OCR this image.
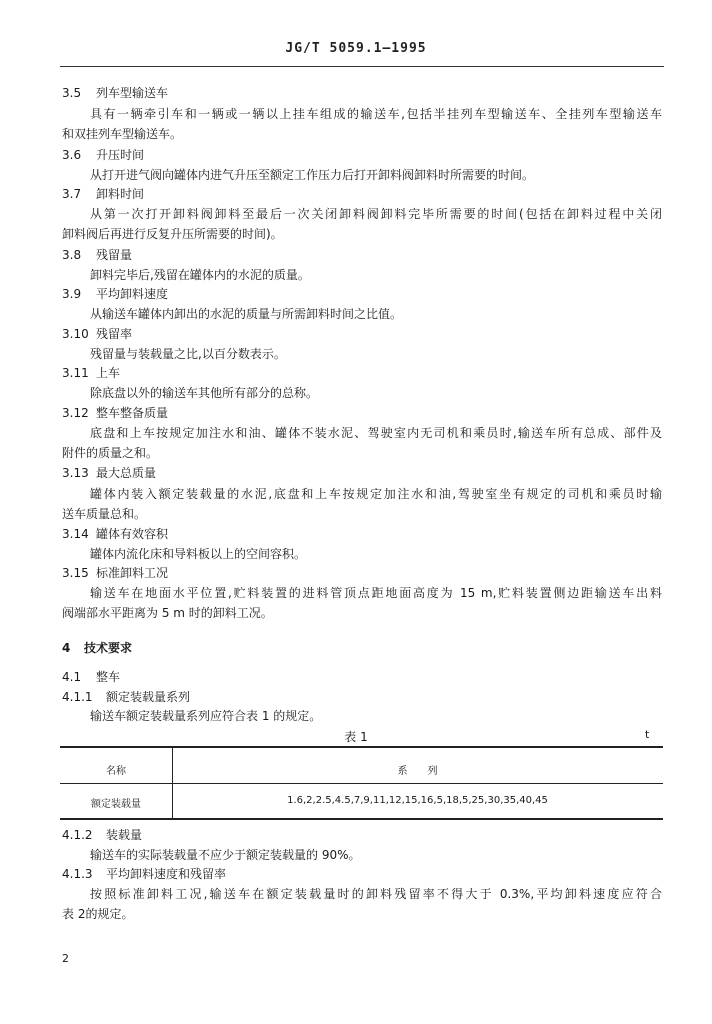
JG/T 5059.1—1995
3.5 列车型输送车
具有一辆牵引车和一辆或一辆以上挂车组成的输送车,包括半挂列车型输送车、全挂列车型输送车
和双挂列车型输送车。
3.6 升压时间
从打开进气阀向罐体内进气升压至额定工作压力后打开卸料阀卸料时所需要的时间。
3.7 卸料时间
从第一次打开卸料阀卸料至最后一次关闭卸料阀卸料完毕所需要的时间(包括在卸料过程中关闭
卸料阀后再进行反复升压所需要的时间)。
3.8 残留量
卸料完毕后,残留在罐体内的水泥的质量。
3.9 平均卸料速度
从输送车罐体内卸出的水泥的质量与所需卸料时间之比值。
3.10 残留率
残留量与装载量之比,以百分数表示。
3.11 上车
除底盘以外的输送车其他所有部分的总称。
3.12 整车整备质量
底盘和上车按规定加注水和油、罐体不装水泥、驾驶室内无司机和乘员时,输送车所有总成、部件及
附件的质量之和。
3.13 最大总质量
罐体内装入额定装载量的水泥,底盘和上车按规定加注水和油,驾驶室坐有规定的司机和乘员时输
送车质量总和。
3.14 罐体有效容积
罐体内流化床和导料板以上的空间容积。
3.15 标准卸料工况
输送车在地面水平位置,贮料装置的进料管顶点距地面高度为 15 m,贮料装置侧边距输送车出料
阀端部水平距离为 5 m 时的卸料工况。
4 技术要求
4.1 整车
4.1.1 额定装载量系列
输送车额定装载量系列应符合表 1 的规定。
表 1	t
名称	系　　列
额定装载量	1.6,2,2.5,4.5,7,9,11,12,15,16,5,18,5,25,30,35,40,45
4.1.2 装载量
输送车的实际装载量不应少于额定装载量的 90%。
4.1.3 平均卸料速度和残留率
按照标准卸料工况,输送车在额定装载量时的卸料残留率不得大于 0.3%,平均卸料速度应符合
表 2的规定。
2
